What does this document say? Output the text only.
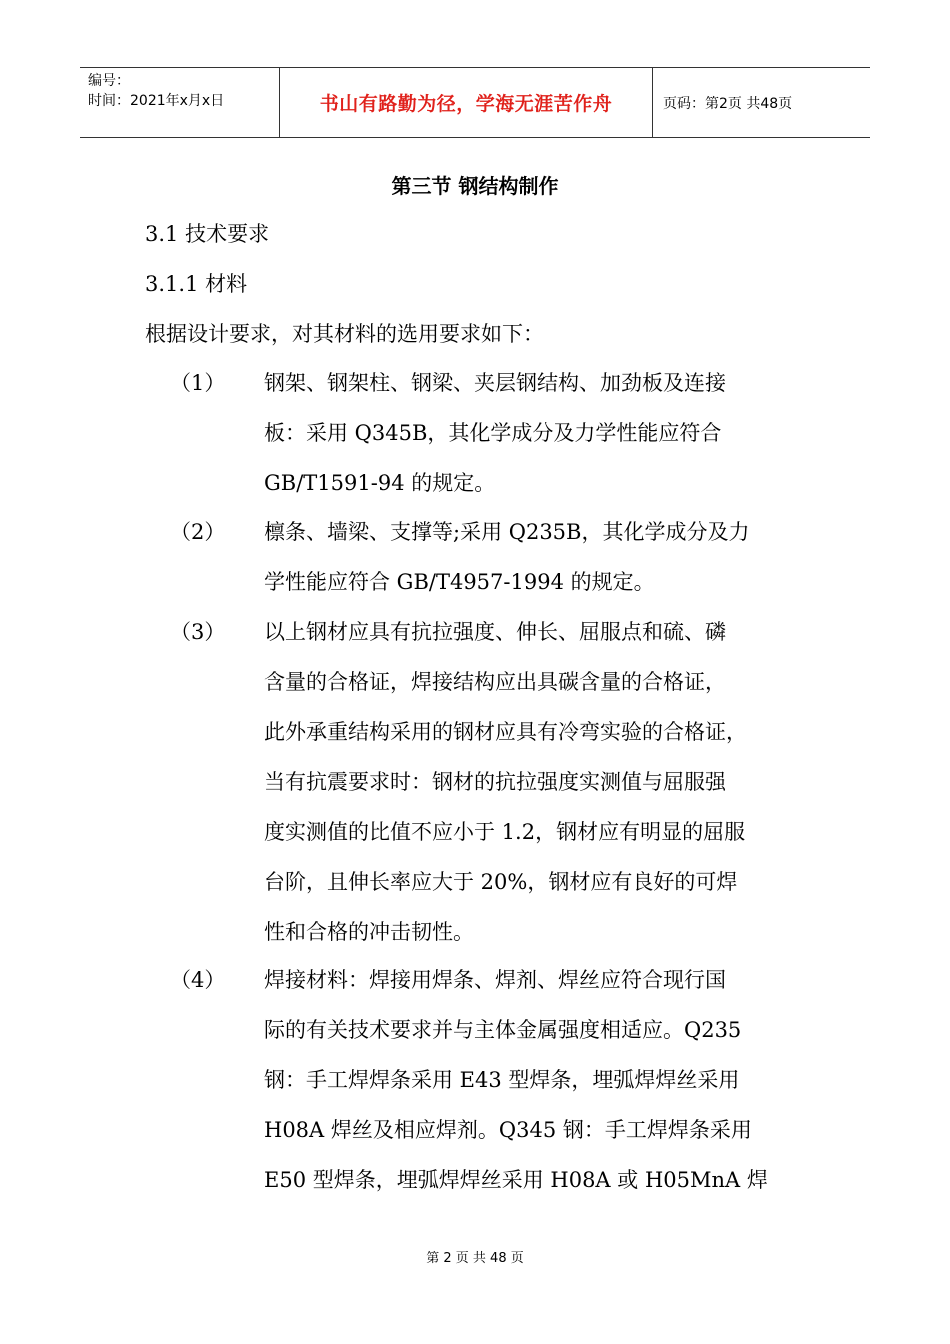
编号：
时间：2021年x月x日	书山有路勤为径，学海无涯苦作舟	页码：第2页 共48页
第三节 钢结构制作
3.1 技术要求
3.1.1 材料
根据设计要求，对其材料的选用要求如下：
（1） 钢架、钢架柱、钢梁、夹层钢结构、加劲板及连接
板：采用 Q345B，其化学成分及力学性能应符合
GB/T1591-94 的规定。
（2） 檩条、墙梁、支撑等;采用 Q235B，其化学成分及力
学性能应符合 GB/T4957-1994 的规定。
（3） 以上钢材应具有抗拉强度、伸长、屈服点和硫、磷
含量的合格证，焊接结构应出具碳含量的合格证，
此外承重结构采用的钢材应具有冷弯实验的合格证，
当有抗震要求时：钢材的抗拉强度实测值与屈服强
度实测值的比值不应小于 1.2，钢材应有明显的屈服
台阶，且伸长率应大于 20%，钢材应有良好的可焊
性和合格的冲击韧性。
（4） 焊接材料：焊接用焊条、焊剂、焊丝应符合现行国
际的有关技术要求并与主体金属强度相适应。Q235
钢：手工焊焊条采用 E43 型焊条，埋弧焊焊丝采用
H08A 焊丝及相应焊剂。Q345 钢：手工焊焊条采用
E50 型焊条，埋弧焊焊丝采用 H08A 或 H05MnA 焊
第 2 页 共 48 页
